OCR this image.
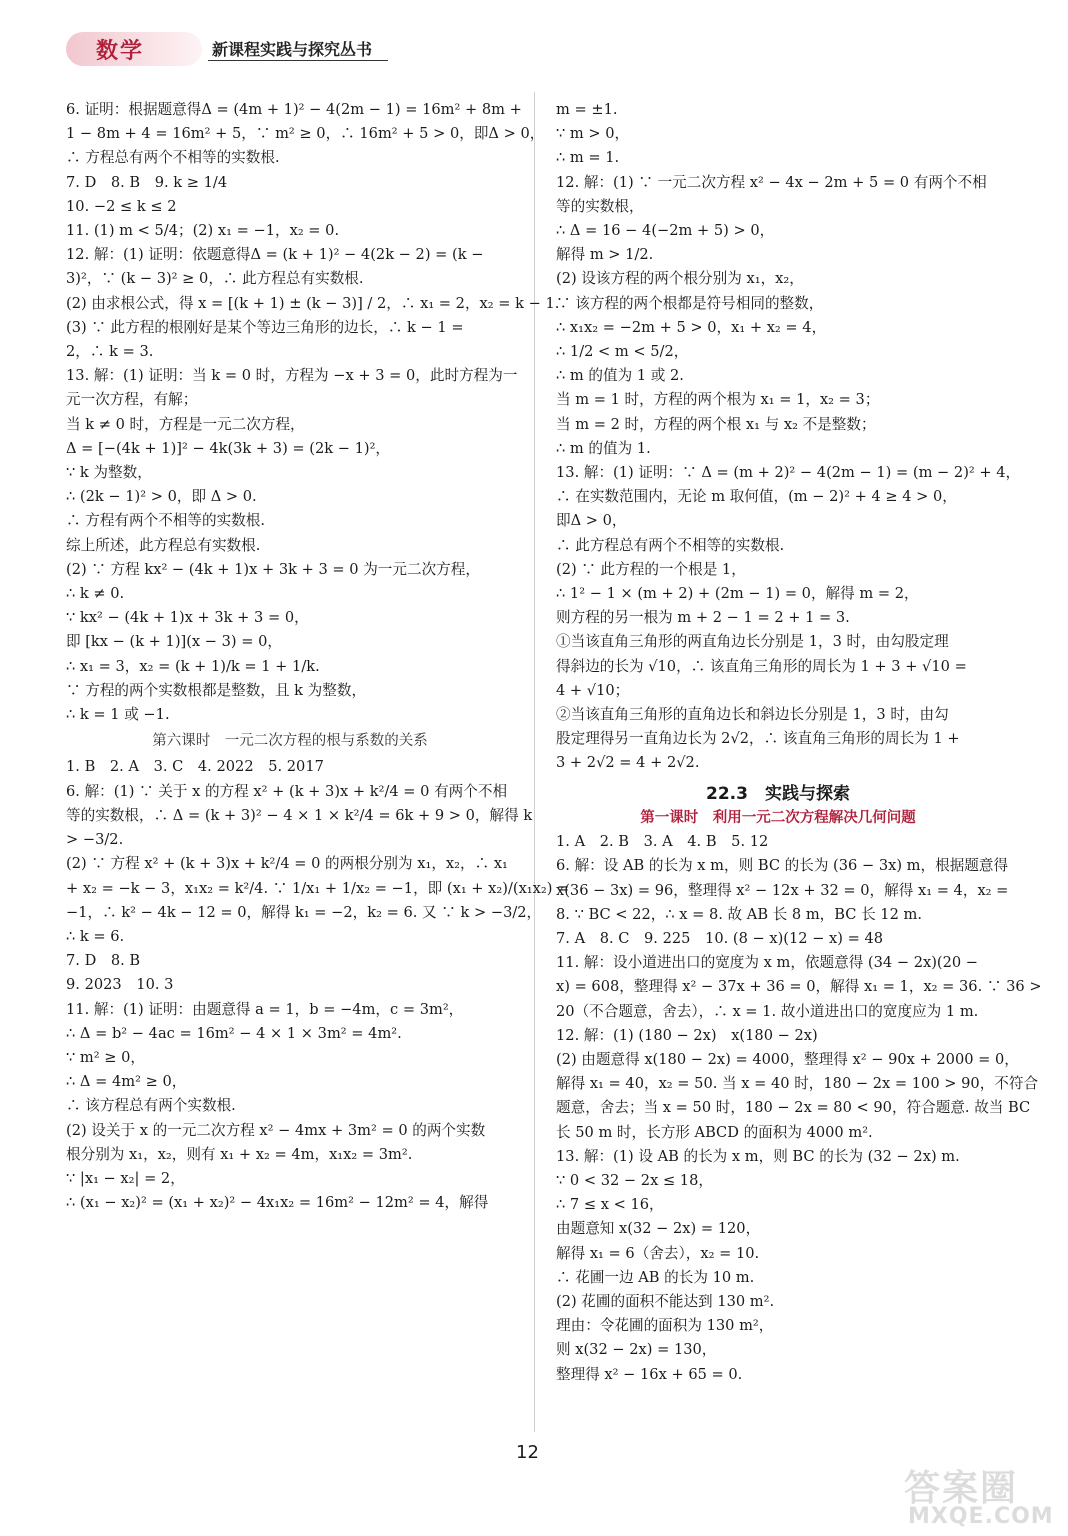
数学	新课程实践与探究丛书
6. 证明：根据题意得Δ = (4m + 1)² − 4(2m − 1) = 16m² + 8m +
1 − 8m + 4 = 16m² + 5，∵ m² ≥ 0，∴ 16m² + 5 > 0，即Δ > 0，
∴ 方程总有两个不相等的实数根.
7. D　8. B　9. k ≥ 1/4
10. −2 ≤ k ≤ 2
11. (1) m < 5/4；(2) x₁ = −1，x₂ = 0.
12. 解：(1) 证明：依题意得Δ = (k + 1)² − 4(2k − 2) = (k −
3)²，∵ (k − 3)² ≥ 0，∴ 此方程总有实数根.
(2) 由求根公式，得 x = [(k + 1) ± (k − 3)] / 2，∴ x₁ = 2，x₂ = k − 1.
(3) ∵ 此方程的根刚好是某个等边三角形的边长，∴ k − 1 =
2，∴ k = 3.
13. 解：(1) 证明：当 k = 0 时，方程为 −x + 3 = 0，此时方程为一
元一次方程，有解；
当 k ≠ 0 时，方程是一元二次方程，
Δ = [−(4k + 1)]² − 4k(3k + 3) = (2k − 1)²，
∵ k 为整数，
∴ (2k − 1)² > 0，即 Δ > 0.
∴ 方程有两个不相等的实数根.
综上所述，此方程总有实数根.
(2) ∵ 方程 kx² − (4k + 1)x + 3k + 3 = 0 为一元二次方程，
∴ k ≠ 0.
∵ kx² − (4k + 1)x + 3k + 3 = 0，
即 [kx − (k + 1)](x − 3) = 0，
∴ x₁ = 3，x₂ = (k + 1)/k = 1 + 1/k.
∵ 方程的两个实数根都是整数，且 k 为整数，
∴ k = 1 或 −1.
第六课时　一元二次方程的根与系数的关系
1. B　2. A　3. C　4. 2022　5. 2017
6. 解：(1) ∵ 关于 x 的方程 x² + (k + 3)x + k²/4 = 0 有两个不相
等的实数根，∴ Δ = (k + 3)² − 4 × 1 × k²/4 = 6k + 9 > 0，解得 k
> −3/2.
(2) ∵ 方程 x² + (k + 3)x + k²/4 = 0 的两根分别为 x₁，x₂，∴ x₁
+ x₂ = −k − 3，x₁x₂ = k²/4. ∵ 1/x₁ + 1/x₂ = −1，即 (x₁ + x₂)/(x₁x₂) =
−1，∴ k² − 4k − 12 = 0，解得 k₁ = −2，k₂ = 6. 又 ∵ k > −3/2，
∴ k = 6.
7. D　8. B
9. 2023　10. 3
11. 解：(1) 证明：由题意得 a = 1，b = −4m，c = 3m²，
∴ Δ = b² − 4ac = 16m² − 4 × 1 × 3m² = 4m².
∵ m² ≥ 0，
∴ Δ = 4m² ≥ 0，
∴ 该方程总有两个实数根.
(2) 设关于 x 的一元二次方程 x² − 4mx + 3m² = 0 的两个实数
根分别为 x₁，x₂，则有 x₁ + x₂ = 4m，x₁x₂ = 3m².
∵ |x₁ − x₂| = 2，
∴ (x₁ − x₂)² = (x₁ + x₂)² − 4x₁x₂ = 16m² − 12m² = 4，解得
m = ±1.
∵ m > 0，
∴ m = 1.
12. 解：(1) ∵ 一元二次方程 x² − 4x − 2m + 5 = 0 有两个不相
等的实数根，
∴ Δ = 16 − 4(−2m + 5) > 0，
解得 m > 1/2.
(2) 设该方程的两个根分别为 x₁，x₂，
∵ 该方程的两个根都是符号相同的整数，
∴ x₁x₂ = −2m + 5 > 0，x₁ + x₂ = 4，
∴ 1/2 < m < 5/2，
∴ m 的值为 1 或 2.
当 m = 1 时，方程的两个根为 x₁ = 1，x₂ = 3；
当 m = 2 时，方程的两个根 x₁ 与 x₂ 不是整数；
∴ m 的值为 1.
13. 解：(1) 证明：∵ Δ = (m + 2)² − 4(2m − 1) = (m − 2)² + 4，
∴ 在实数范围内，无论 m 取何值，(m − 2)² + 4 ≥ 4 > 0，
即Δ > 0，
∴ 此方程总有两个不相等的实数根.
(2) ∵ 此方程的一个根是 1，
∴ 1² − 1 × (m + 2) + (2m − 1) = 0，解得 m = 2，
则方程的另一根为 m + 2 − 1 = 2 + 1 = 3.
①当该直角三角形的两直角边长分别是 1，3 时，由勾股定理
得斜边的长为 √10，∴ 该直角三角形的周长为 1 + 3 + √10 =
4 + √10；
②当该直角三角形的直角边长和斜边长分别是 1，3 时，由勾
股定理得另一直角边长为 2√2，∴ 该直角三角形的周长为 1 +
3 + 2√2 = 4 + 2√2.
22.3　实践与探索
第一课时　利用一元二次方程解决几何问题
1. A　2. B　3. A　4. B　5. 12
6. 解：设 AB 的长为 x m，则 BC 的长为 (36 − 3x) m，根据题意得
x(36 − 3x) = 96，整理得 x² − 12x + 32 = 0，解得 x₁ = 4，x₂ =
8. ∵ BC < 22，∴ x = 8. 故 AB 长 8 m，BC 长 12 m.
7. A　8. C　9. 225　10. (8 − x)(12 − x) = 48
11. 解：设小道进出口的宽度为 x m，依题意得 (34 − 2x)(20 −
x) = 608，整理得 x² − 37x + 36 = 0，解得 x₁ = 1，x₂ = 36. ∵ 36 >
20（不合题意，舍去），∴ x = 1. 故小道进出口的宽度应为 1 m.
12. 解：(1) (180 − 2x)　x(180 − 2x)
(2) 由题意得 x(180 − 2x) = 4000，整理得 x² − 90x + 2000 = 0，
解得 x₁ = 40，x₂ = 50. 当 x = 40 时，180 − 2x = 100 > 90，不符合
题意，舍去；当 x = 50 时，180 − 2x = 80 < 90，符合题意. 故当 BC
长 50 m 时，长方形 ABCD 的面积为 4000 m².
13. 解：(1) 设 AB 的长为 x m，则 BC 的长为 (32 − 2x) m.
∵ 0 < 32 − 2x ≤ 18，
∴ 7 ≤ x < 16，
由题意知 x(32 − 2x) = 120，
解得 x₁ = 6（舍去），x₂ = 10.
∴ 花圃一边 AB 的长为 10 m.
(2) 花圃的面积不能达到 130 m².
理由：令花圃的面积为 130 m²，
则 x(32 − 2x) = 130，
整理得 x² − 16x + 65 = 0.
12
答案圈
MXQE.COM
